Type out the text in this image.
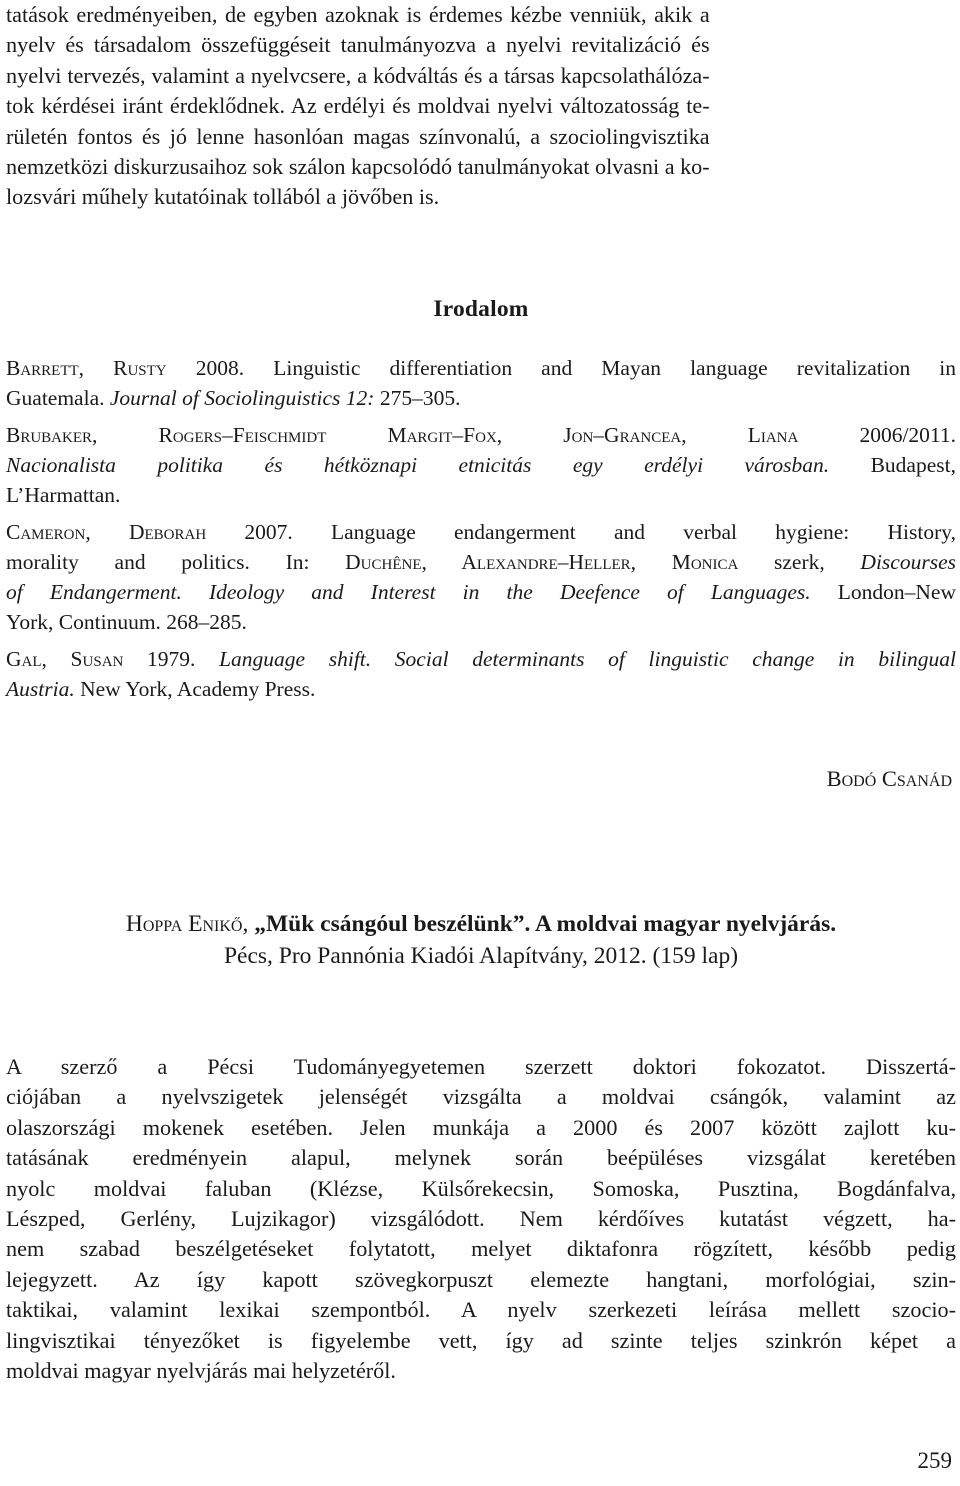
tatások eredményeiben, de egyben azoknak is érdemes kézbe venniük, akik a
nyelv és társadalom összefüggéseit tanulmányozva a nyelvi revitalizáció és
nyelvi tervezés, valamint a nyelvcsere, a kódváltás és a társas kapcsolathálóza-
tok kérdései iránt érdeklődnek. Az erdélyi és moldvai nyelvi változatosság te-
rületén fontos és jó lenne hasonlóan magas színvonalú, a szociolingvisztika
nemzetközi diskurzusaihoz sok szálon kapcsolódó tanulmányokat olvasni a ko-
lozsvári műhely kutatóinak tollából a jövőben is.
Irodalom
Barrett, Rusty 2008. Linguistic differentiation and Mayan language revitalization in
Guatemala. Journal of Sociolinguistics 12: 275–305.
Brubaker, Rogers–Feischmidt Margit–Fox, Jon–Grancea, Liana 2006/2011.
Nacionalista politika és hétköznapi etnicitás egy erdélyi városban. Budapest,
L’Harmattan.
Cameron, Deborah 2007. Language endangerment and verbal hygiene: History,
morality and politics. In: Duchêne, Alexandre–Heller, Monica szerk, Discourses
of Endangerment. Ideology and Interest in the Deefence of Languages. London–New
York, Continuum. 268–285.
Gal, Susan 1979. Language shift. Social determinants of linguistic change in bilingual
Austria. New York, Academy Press.
Bodó Csanád
Hoppa Enikő, „Mük csángóul beszélünk”. A moldvai magyar nyelvjárás.
Pécs, Pro Pannónia Kiadói Alapítvány, 2012. (159 lap)
A szerző a Pécsi Tudományegyetemen szerzett doktori fokozatot. Disszertá-
ciójában a nyelvszigetek jelenségét vizsgálta a moldvai csángók, valamint az
olaszországi mokenek esetében. Jelen munkája a 2000 és 2007 között zajlott ku-
tatásának eredményein alapul, melynek során beépüléses vizsgálat keretében
nyolc moldvai faluban (Klézse, Külsőrekecsin, Somoska, Pusztina, Bogdánfalva,
Lészped, Gerlény, Lujzikagor) vizsgálódott. Nem kérdőíves kutatást végzett, ha-
nem szabad beszélgetéseket folytatott, melyet diktafonra rögzített, később pedig
lejegyzett. Az így kapott szövegkorpuszt elemezte hangtani, morfológiai, szin-
taktikai, valamint lexikai szempontból. A nyelv szerkezeti leírása mellett szocio-
lingvisztikai tényezőket is figyelembe vett, így ad szinte teljes szinkrón képet a
moldvai magyar nyelvjárás mai helyzetéről.
259
